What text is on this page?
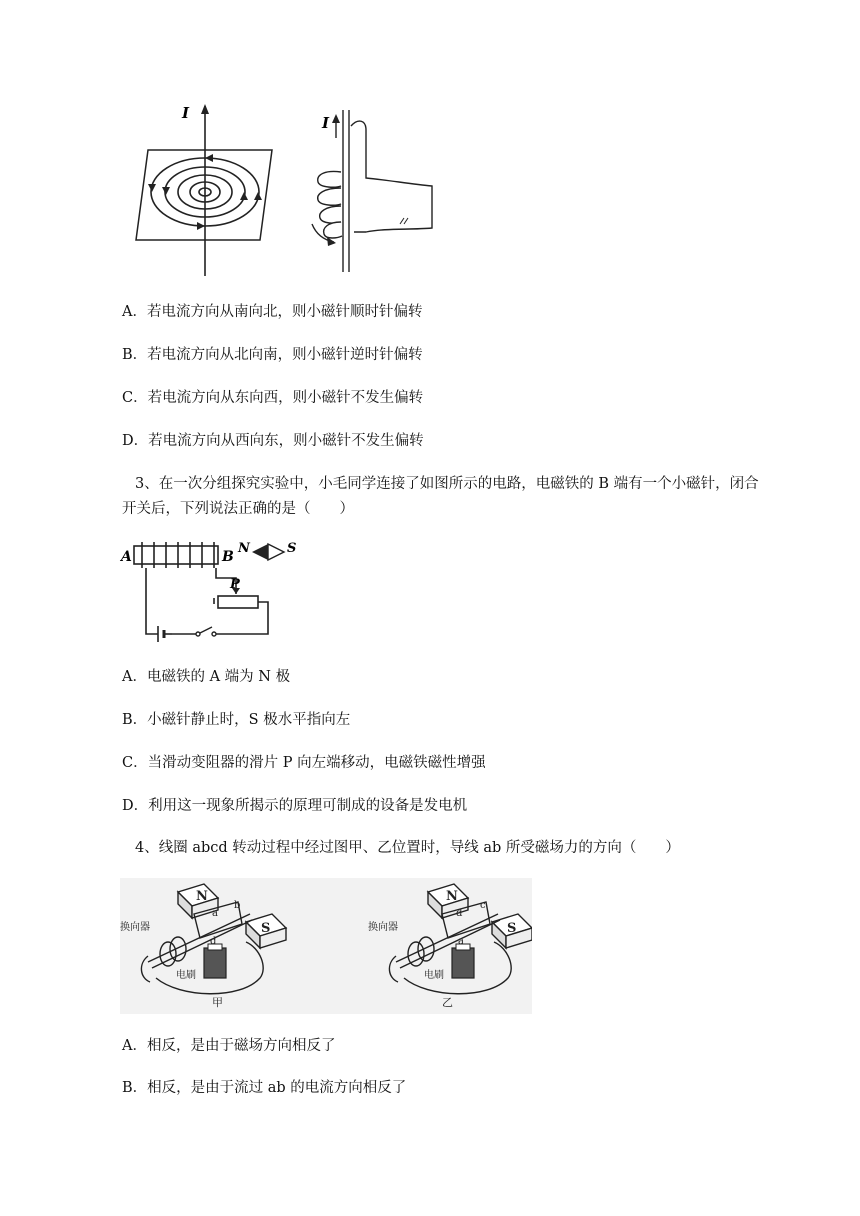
I
I
A．若电流方向从南向北，则小磁针顺时针偏转
B．若电流方向从北向南，则小磁针逆时针偏转
C．若电流方向从东向西，则小磁针不发生偏转
D．若电流方向从西向东，则小磁针不发生偏转
3、在一次分组探究实验中，小毛同学连接了如图所示的电路，电磁铁的 B 端有一个小磁针，闭合
开关后，下列说法正确的是（　　）
A	B
N	S
P
A．电磁铁的 A 端为 N 极
B．小磁针静止时，S 极水平指向左
C．当滑动变阻器的滑片 P 向左端移动，电磁铁磁性增强
D．利用这一现象所揭示的原理可制成的设备是发电机
4、线圈 abcd 转动过程中经过图甲、乙位置时，导线 ab 所受磁场力的方向（　　）
N
S
a
b
d
换向器
电刷
甲
N
S
d
c
a
换向器
电刷
乙
A．相反，是由于磁场方向相反了
B．相反，是由于流过 ab 的电流方向相反了
